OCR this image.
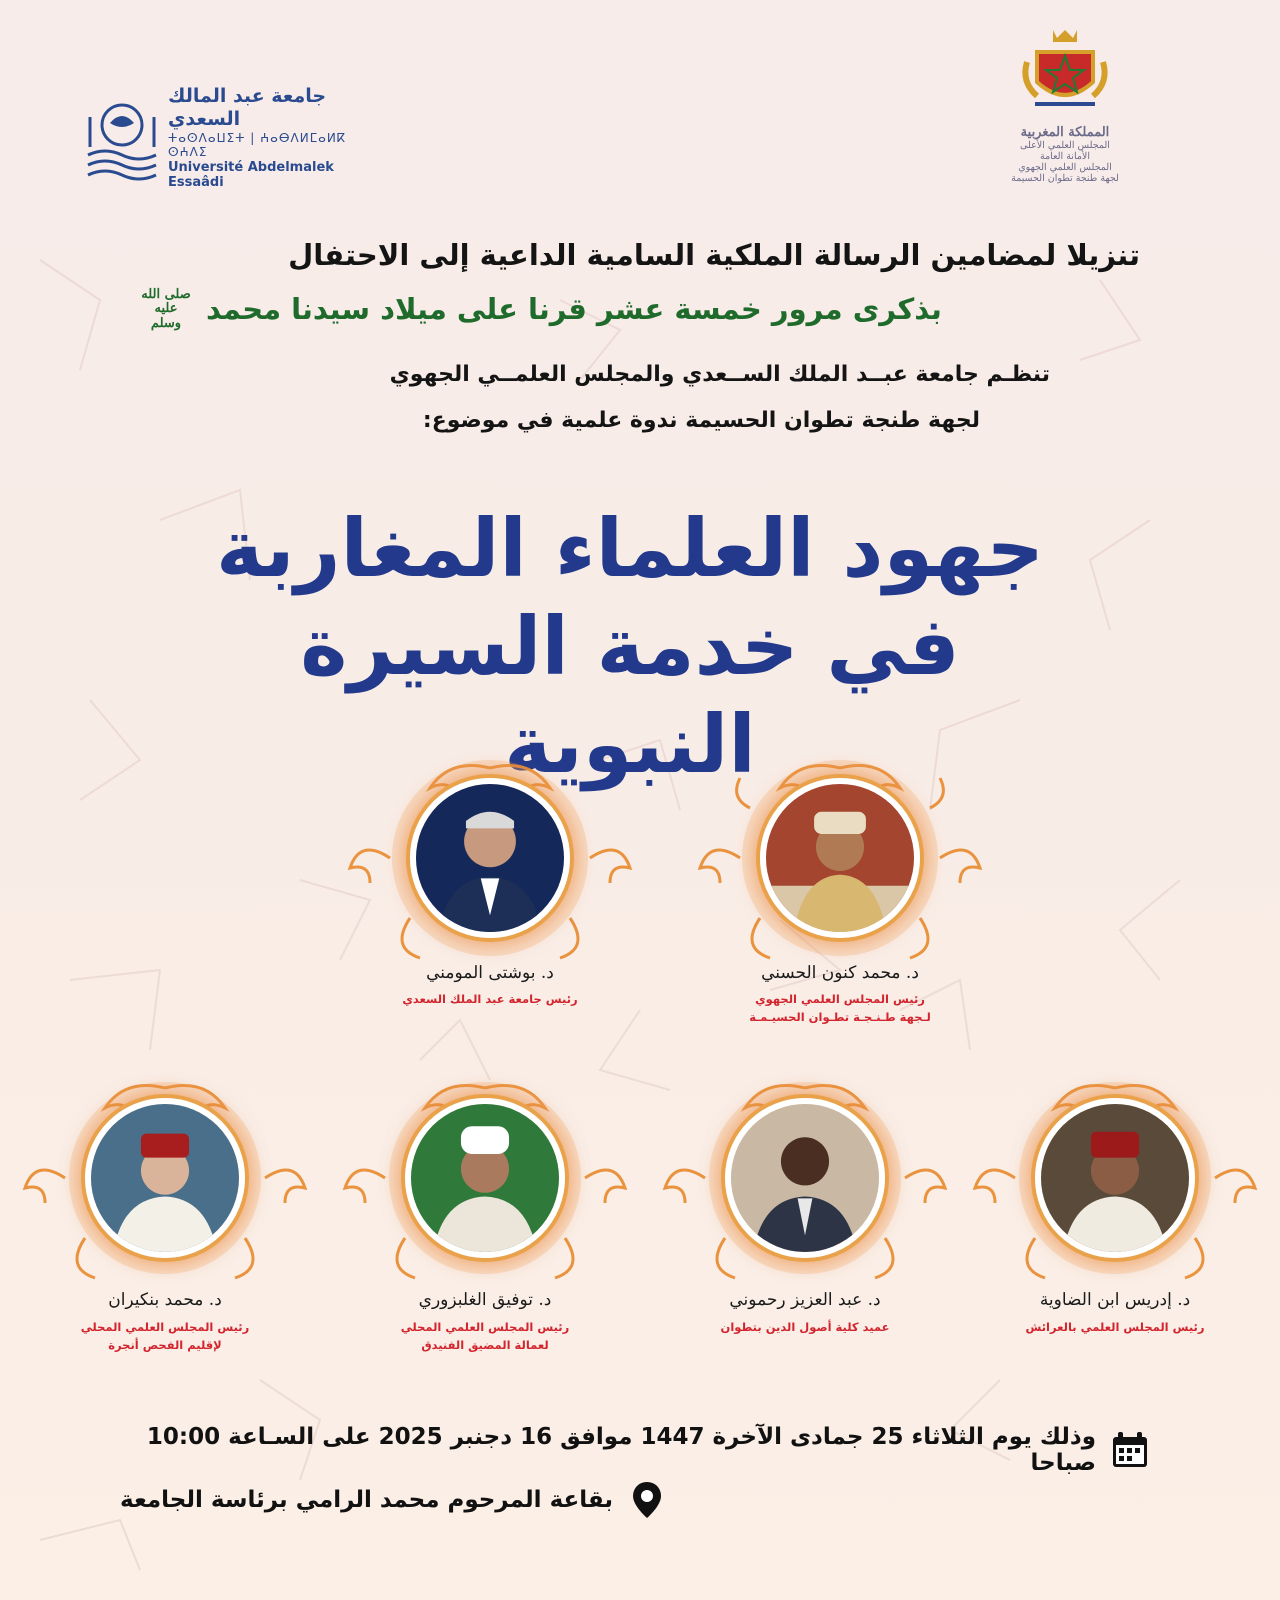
جامعة عبد المالك السعدي
ⵜⴰⵙⴷⴰⵡⵉⵜ | ⵄⴰⴱⴷⵍⵎⴰⵍⴽ ⵙⵄⴷⵉ
Université Abdelmalek Essaâdi
المملكة المغربية
المجلس العلمي الأعلى
الأمانة العامة
المجلس العلمي الجهوي
لجهة طنجة تطوان الحسيمة
تنزيلا لمضامين الرسالة الملكية السامية الداعية إلى الاحتفال
بذكرى مرور خمسة عشر قرنا على ميلاد سيدنا محمد
صلى الله عليه وسلم
تنظـم جامعة عبــد الملك الســعدي والمجلس العلمــي الجهوي
لجهة طنجة تطوان الحسيمة ندوة علمية في موضوع:
جهود العلماء المغاربة
في خدمة السيرة النبوية
د. محمد كنون الحسني
رئيس المجلس العلمي الجهوي
لـجهة طـنـجـة تطـوان الحسيـمـة
د. بوشتى المومني
رئيس جامعة عبد الملك السعدي
د. إدريس ابن الضاوية
رئيس المجلس العلمي بالعرائش
د. عبد العزيز رحموني
عميد كلية أصول الدين بتطوان
د. توفيق الغلبزوري
رئيس المجلس العلمي المحلي
لعمالة المضيق الفنيدق
د. محمد بنكيران
رئيس المجلس العلمي المحلي
لإقليم الفحص أنجرة
وذلك يوم الثلاثاء 25 جمادى الآخرة 1447 موافق 16 دجنبر 2025 على السـاعة 10:00 صباحا
بقاعة المرحوم محمد الرامي برئاسة الجامعة
